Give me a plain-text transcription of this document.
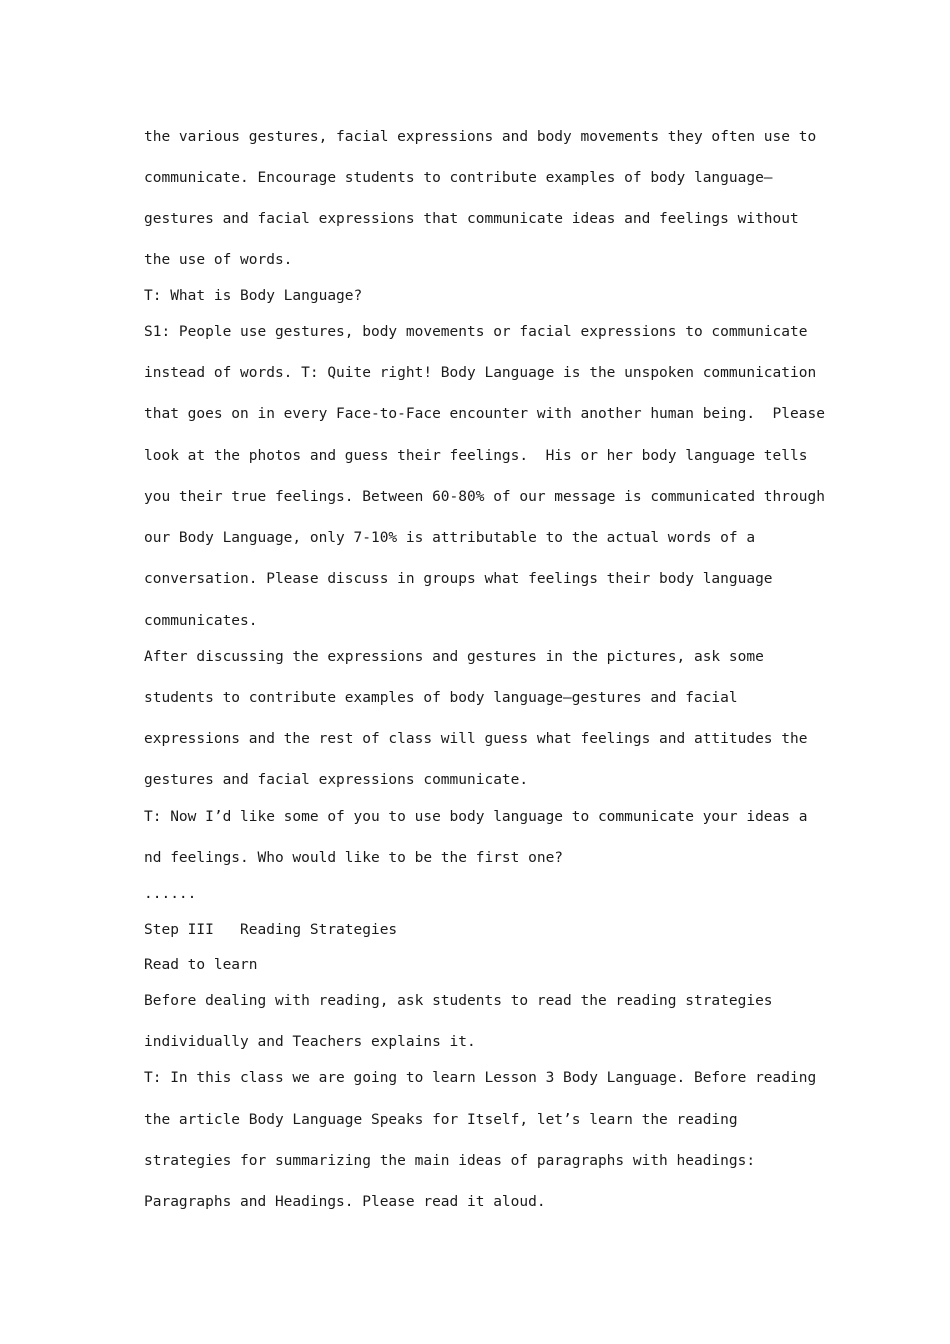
the various gestures, facial expressions and body movements they often use to

communicate. Encourage students to contribute examples of body language—

gestures and facial expressions that communicate ideas and feelings without

the use of words.

T: What is Body Language?

S1: People use gestures, body movements or facial expressions to communicate

instead of words. T: Quite right! Body Language is the unspoken communication

that goes on in every Face-to-Face encounter with another human being.  Please

look at the photos and guess their feelings.  His or her body language tells

you their true feelings. Between 60-80% of our message is communicated through

our Body Language, only 7-10% is attributable to the actual words of a

conversation. Please discuss in groups what feelings their body language

communicates.

After discussing the expressions and gestures in the pictures, ask some

students to contribute examples of body language—gestures and facial

expressions and the rest of class will guess what feelings and attitudes the

gestures and facial expressions communicate.

T: Now I’d like some of you to use body language to communicate your ideas a

nd feelings. Who would like to be the first one?

......

Step III   Reading Strategies

Read to learn

Before dealing with reading, ask students to read the reading strategies

individually and Teachers explains it.

T: In this class we are going to learn Lesson 3 Body Language. Before reading

the article Body Language Speaks for Itself, let’s learn the reading

strategies for summarizing the main ideas of paragraphs with headings:

Paragraphs and Headings. Please read it aloud.
